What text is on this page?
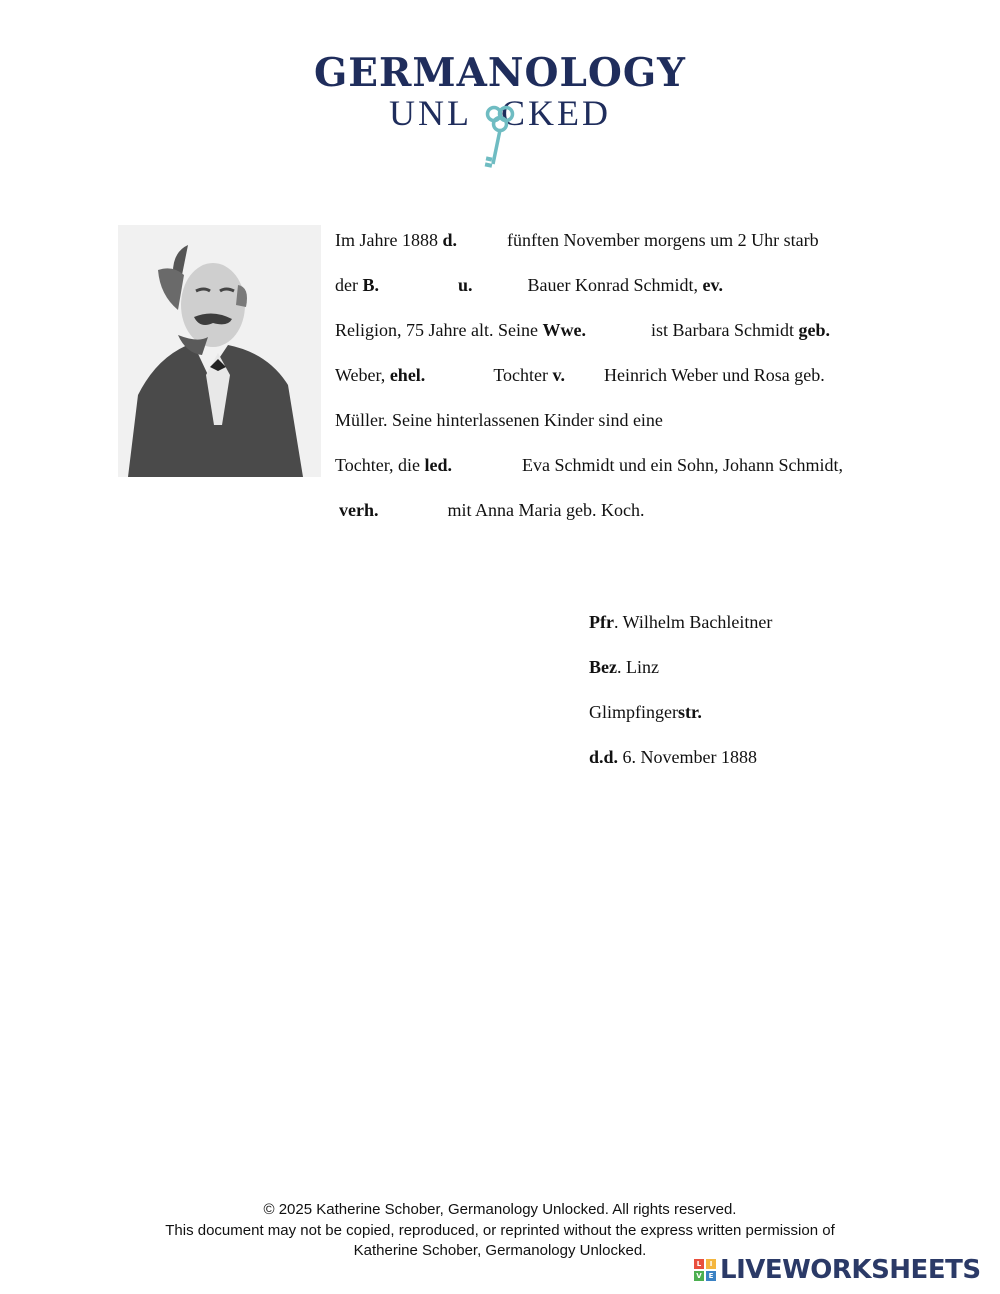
GERMANOLOGY
UNL CKED
Im Jahre 1888 d.	fünften November morgens um 2 Uhr starb
der B.	u.	Bauer Konrad Schmidt, ev.
Religion, 75 Jahre alt. Seine Wwe.	ist Barbara Schmidt geb.
Weber, ehel.	Tochter v. Heinrich Weber und Rosa geb.
Müller. Seine hinterlassenen Kinder sind eine
Tochter, die led.	Eva Schmidt und ein Sohn, Johann Schmidt,
verh.	mit Anna Maria geb. Koch.
Pfr. Wilhelm Bachleitner
Bez. Linz
Glimpfingerstr.
d.d. 6. November 1888
© 2025 Katherine Schober, Germanology Unlocked. All rights reserved.
This document may not be copied, reproduced, or reprinted without the express written permission of
Katherine Schober, Germanology Unlocked.
L	I
V E LIVEWORKSHEETS
